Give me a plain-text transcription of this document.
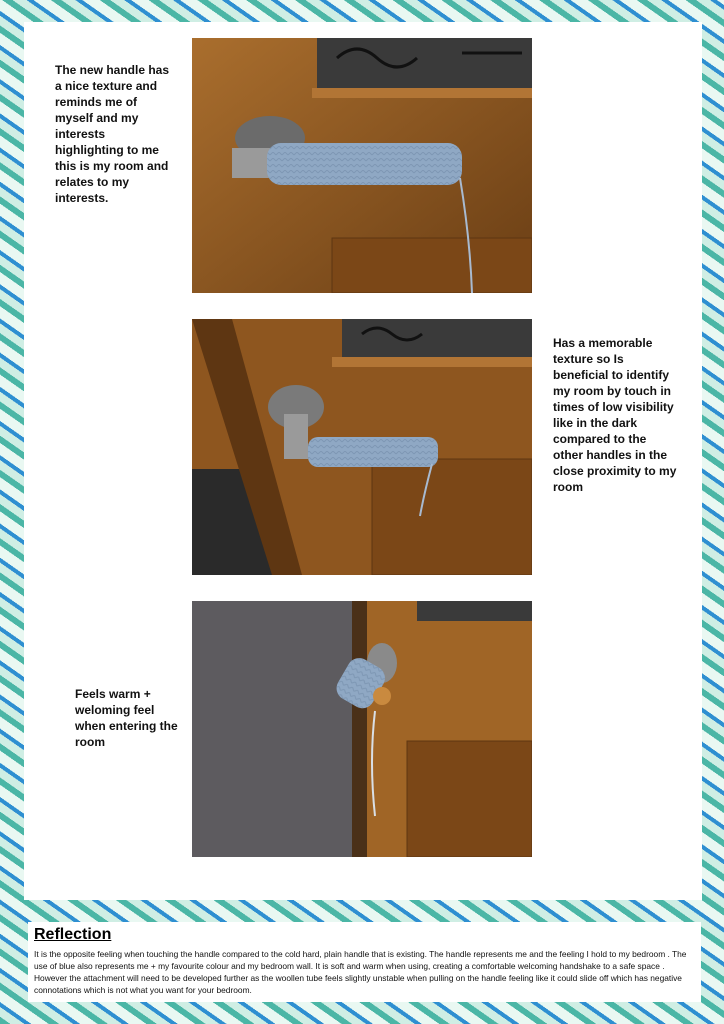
The new handle has a nice texture and reminds me of myself and my interests highlighting to me this is my room and relates to my interests.
Has a memorable texture so Is beneficial to identify my room by touch in times of low visibility like in the dark compared to the other handles in the close proximity to my room
Feels warm + weloming feel when entering the room
Reflection

It is the opposite feeling when touching the handle compared to the cold hard, plain handle that is existing. The handle represents me and the feeling I hold to my bedroom . The use of blue also represents me + my favourite colour and my bedroom wall. It is soft and warm when using, creating a comfortable welcoming handshake to a safe space . However the attachment will need to be developed further as the woollen tube feels slightly unstable when pulling on the handle feeling like it could slide off which has negative connotations which is not what you want for your bedroom.
